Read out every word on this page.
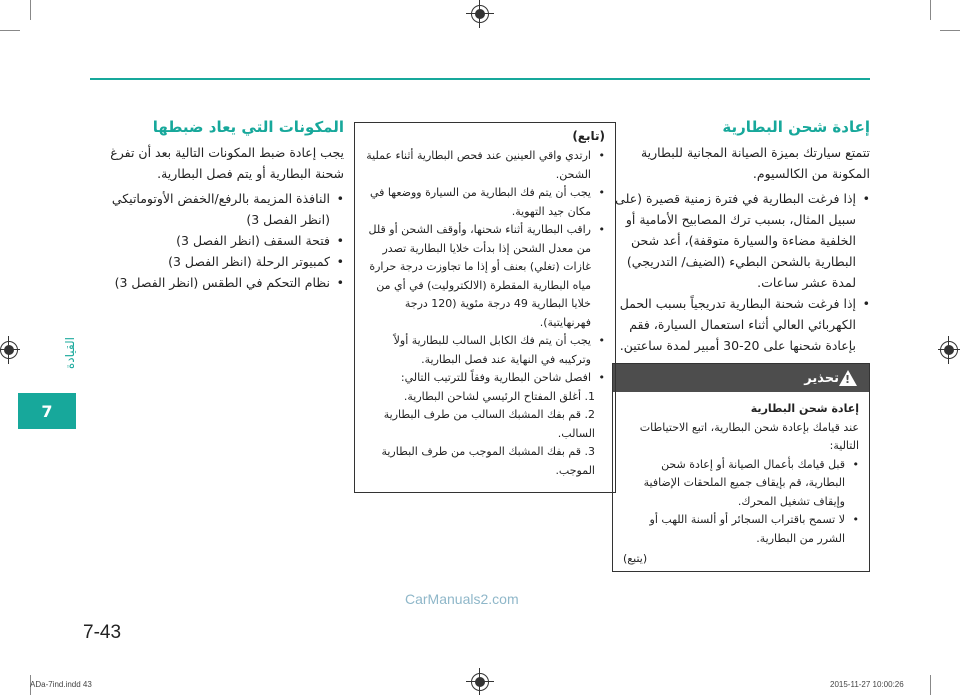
القيادة
7
إعادة شحن البطارية

تتمتع سيارتك بميزة الصيانة المجانية للبطارية المكونة من الكالسيوم.

• إذا فرغت البطارية في فترة زمنية قصيرة (على سبيل المثال، بسبب ترك المصابيح الأمامية أو الخلفية مضاءة والسيارة متوقفة)، أعد شحن البطارية بالشحن البطيء (الضيف/ التدريجي) لمدة عشر ساعات.
• إذا فرغت شحنة البطارية تدريجياً بسبب الحمل الكهربائي العالي أثناء استعمال السيارة، فقم بإعادة شحنها على 20-30 أمبير لمدة ساعتين.
تحذير
!
إعادة شحن البطارية
عند قيامك بإعادة شحن البطارية، اتبع الاحتياطات التالية:
• قبل قيامك بأعمال الصيانة أو إعادة شحن البطارية، قم بإيقاف جميع الملحقات الإضافية وإيقاف تشغيل المحرك.
• لا تسمح باقتراب السجائر أو ألسنة اللهب أو الشرر من البطارية.
(يتبع)
(تابع)
• ارتدي واقي العينين عند فحص البطارية أثناء عملية الشحن.
• يجب أن يتم فك البطارية من السيارة ووضعها في مكان جيد التهوية.
• راقب البطارية أثناء شحنها، وأوقف الشحن أو قلل من معدل الشحن إذا بدأت خلايا البطارية تصدر غازات (تغلي) بعنف أو إذا ما تجاوزت درجة حرارة مياه البطارية المقطرة (الالكتروليت) في أي من خلايا البطارية 49 درجة مئوية (120 درجة فهرنهايتية).
• يجب أن يتم فك الكابل السالب للبطارية أولاً وتركيبه في النهاية عند فصل البطارية.
• افصل شاحن البطارية وفقاً للترتيب التالي:
1. أغلق المفتاح الرئيسي لشاحن البطارية.
2. قم بفك المشبك السالب من طرف البطارية السالب.
3. قم بفك المشبك الموجب من طرف البطارية الموجب.
المكونات التي يعاد ضبطها

يجب إعادة ضبط المكونات التالية بعد أن تفرغ شحنة البطارية أو يتم فصل البطارية.

• النافذة المزيمة بالرفع/الخفض الأوتوماتيكي (انظر الفصل 3)
• فتحة السقف (انظر الفصل 3)
• كمبيوتر الرحلة (انظر الفصل 3)
• نظام التحكم في الطقس (انظر الفصل 3)
CarManuals2.com
7-43
ADa-7ind.indd 43	2015-11-27 10:00:26
